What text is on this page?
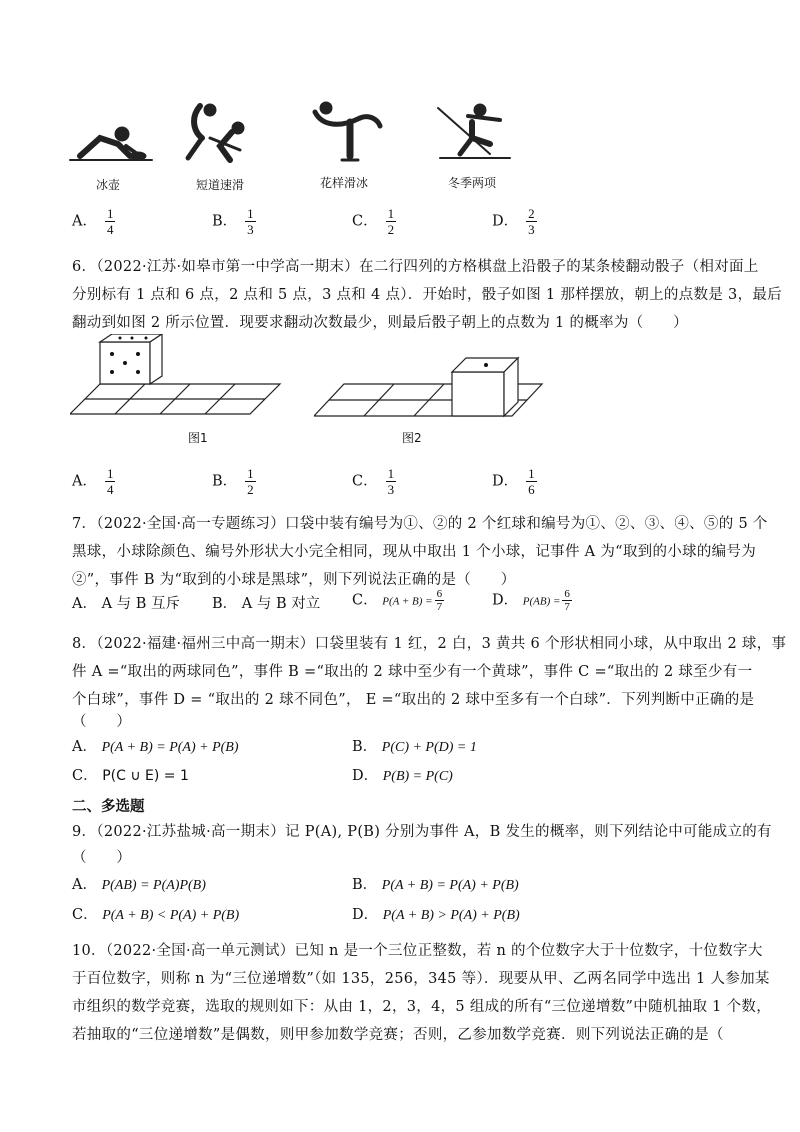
冰壶	短道速滑	花样滑冰	冬季两项
A． $\frac{1}{4}$	B． $\frac{1}{3}$	C． $\frac{1}{2}$	D． $\frac{2}{3}$
6．（2022·江苏·如皋市第一中学高一期末）在二行四列的方格棋盘上沿骰子的某条棱翻动骰子（相对面上
分别标有 1 点和 6 点，2 点和 5 点，3 点和 4 点）．开始时，骰子如图 1 那样摆放，朝上的点数是 3，最后
翻动到如图 2 所示位置．现要求翻动次数最少，则最后骰子朝上的点数为 1 的概率为（　　）
图1	图2
A． $\frac{1}{4}$	B． $\frac{1}{2}$	C． $\frac{1}{3}$	D． $\frac{1}{6}$
7．（2022·全国·高一专题练习）口袋中装有编号为①、②的 2 个红球和编号为①、②、③、④、⑤的 5 个
黑球，小球除颜色、编号外形状大小完全相同，现从中取出 1 个小球，记事件 A 为“取到的小球的编号为
②”，事件 B 为“取到的小球是黑球”，则下列说法正确的是（　　）
A． A 与 B 互斥 B． A 与 B 对立 C． $P(A + B) = \frac{6}{7}$	D． $P(AB) = \frac{6}{7}$
8．（2022·福建·福州三中高一期末）口袋里装有 1 红，2 白，3 黄共 6 个形状相同小球，从中取出 2 球，事
件 A =“取出的两球同色”，事件 B =“取出的 2 球中至少有一个黄球”，事件 C =“取出的 2 球至少有一
个白球”，事件 D = “取出的 2 球不同色”， E =“取出的 2 球中至多有一个白球”．下列判断中正确的是
（　　）
A． P(A + B) = P(A) + P(B)	B． P(C) + P(D) = 1
C． P(C ∪ E) = 1	D． P(B) = P(C)
二、多选题
9．（2022·江苏盐城·高一期末）记 P(A), P(B) 分别为事件 A，B 发生的概率，则下列结论中可能成立的有
（　　）
A． P(AB) = P(A)P(B)	B． P(A + B) = P(A) + P(B)
C． P(A + B) < P(A) + P(B)	D． P(A + B) > P(A) + P(B)
10．（2022·全国·高一单元测试）已知 n 是一个三位正整数，若 n 的个位数字大于十位数字，十位数字大
于百位数字，则称 n 为“三位递增数”（如 135，256，345 等）．现要从甲、乙两名同学中选出 1 人参加某
市组织的数学竞赛，选取的规则如下：从由 1，2，3，4，5 组成的所有“三位递增数”中随机抽取 1 个数，
若抽取的“三位递增数”是偶数，则甲参加数学竞赛；否则，乙参加数学竞赛．则下列说法正确的是（
